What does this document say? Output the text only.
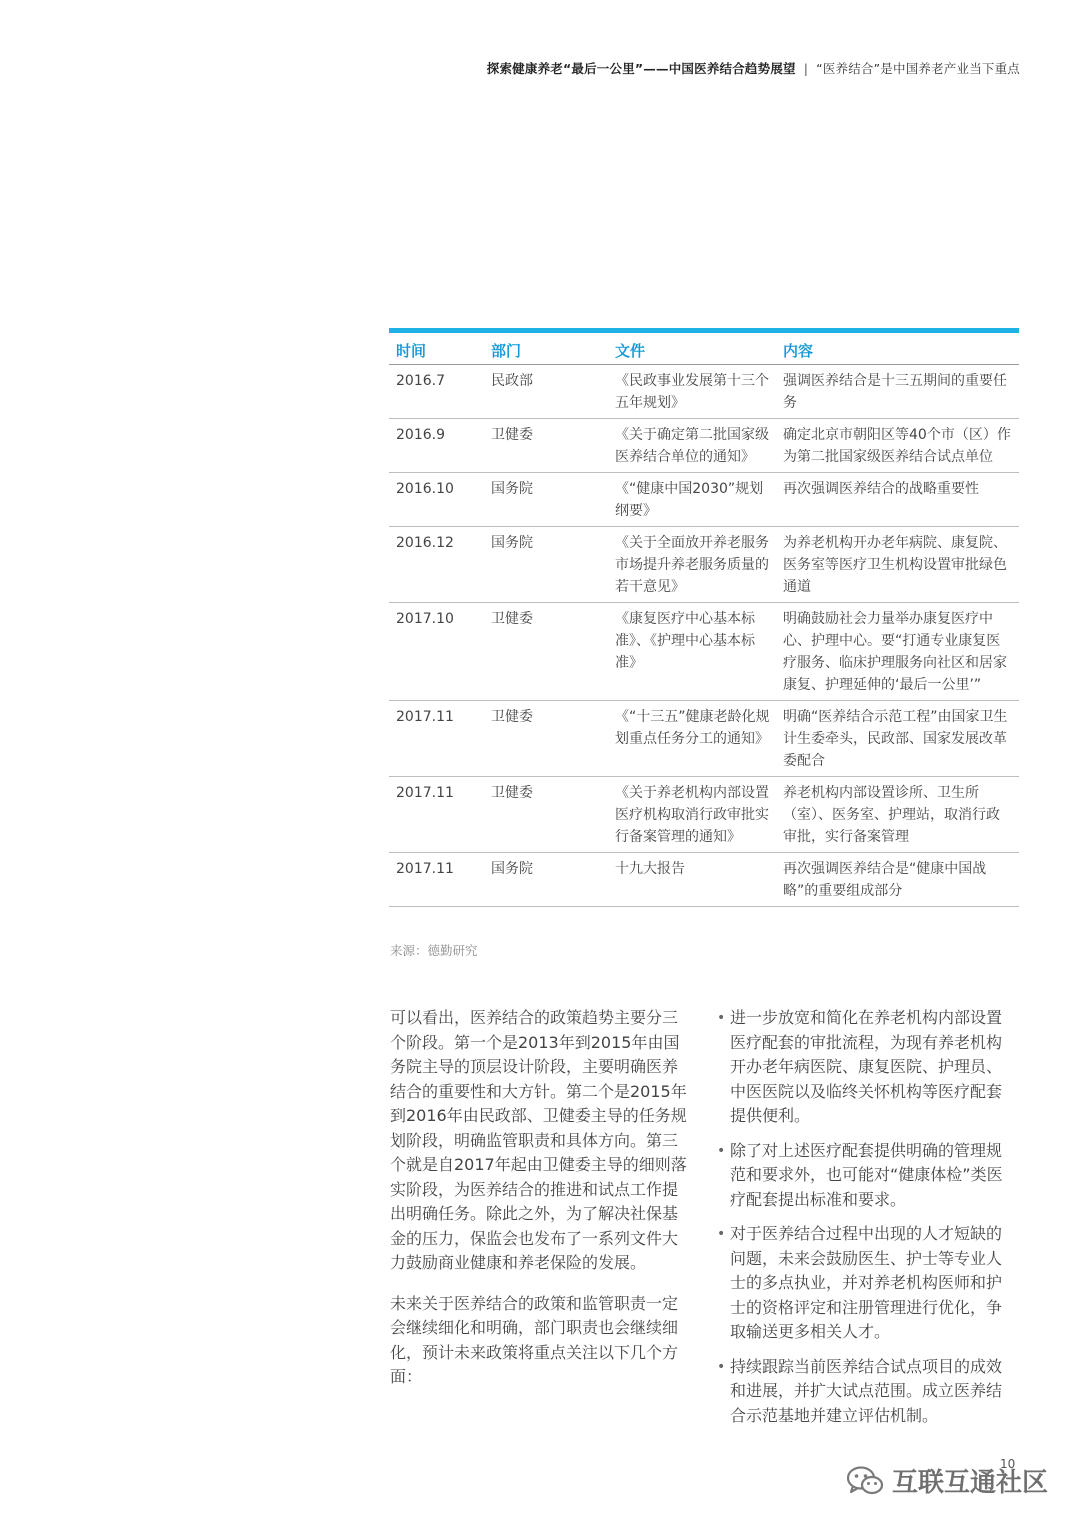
探索健康养老“最后一公里”——中国医养结合趋势展望 | “医养结合”是中国养老产业当下重点
时间	部门	文件	内容
2016.7	民政部	《民政事业发展第十三个五年规划》	强调医养结合是十三五期间的重要任务
2016.9	卫健委	《关于确定第二批国家级医养结合单位的通知》	确定北京市朝阳区等40个市（区）作为第二批国家级医养结合试点单位
2016.10	国务院	《“健康中国2030”规划纲要》	再次强调医养结合的战略重要性
2016.12	国务院	《关于全面放开养老服务市场提升养老服务质量的若干意见》	为养老机构开办老年病院、康复院、医务室等医疗卫生机构设置审批绿色通道
2017.10	卫健委	《康复医疗中心基本标准》、《护理中心基本标准》	明确鼓励社会力量举办康复医疗中心、护理中心。要“打通专业康复医疗服务、临床护理服务向社区和居家康复、护理延伸的‘最后一公里’”
2017.11	卫健委	《“十三五”健康老龄化规划重点任务分工的通知》	明确“医养结合示范工程”由国家卫生计生委牵头，民政部、国家发展改革委配合
2017.11	卫健委	《关于养老机构内部设置医疗机构取消行政审批实行备案管理的通知》	养老机构内部设置诊所、卫生所（室）、医务室、护理站，取消行政审批，实行备案管理
2017.11	国务院	十九大报告	再次强调医养结合是“健康中国战略”的重要组成部分
来源：德勤研究

可以看出，医养结合的政策趋势主要分三个阶段。第一个是2013年到2015年由国务院主导的顶层设计阶段，主要明确医养结合的重要性和大方针。第二个是2015年到2016年由民政部、卫健委主导的任务规划阶段，明确监管职责和具体方向。第三个就是自2017年起由卫健委主导的细则落实阶段，为医养结合的推进和试点工作提出明确任务。除此之外，为了解决社保基金的压力，保监会也发布了一系列文件大力鼓励商业健康和养老保险的发展。

未来关于医养结合的政策和监管职责一定会继续细化和明确，部门职责也会继续细化，预计未来政策将重点关注以下几个方面：

• 进一步放宽和简化在养老机构内部设置医疗配套的审批流程，为现有养老机构开办老年病医院、康复医院、护理员、中医医院以及临终关怀机构等医疗配套提供便利。
• 除了对上述医疗配套提供明确的管理规范和要求外，也可能对“健康体检”类医疗配套提出标准和要求。
• 对于医养结合过程中出现的人才短缺的问题，未来会鼓励医生、护士等专业人士的多点执业，并对养老机构医师和护士的资格评定和注册管理进行优化，争取输送更多相关人才。
• 持续跟踪当前医养结合试点项目的成效和进展，并扩大试点范围。成立医养结合示范基地并建立评估机制。
10
互联互通社区
